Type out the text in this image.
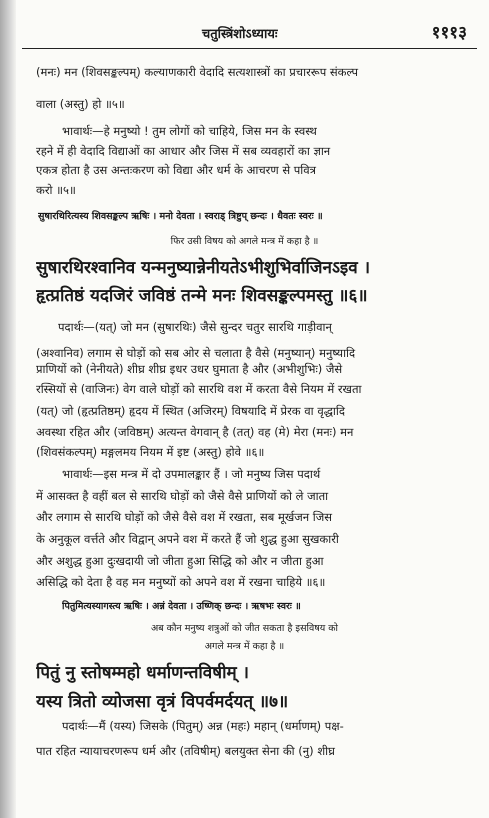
चतुस्त्रिंशोऽध्यायः	१११३
(मनः) मन (शिवसङ्कल्पम्) कल्याणकारी वेदादि सत्यशास्त्रों का प्रचाररूप संकल्प
वाला (अस्तु) हो ॥५॥
भावार्थः—हे मनुष्यो ! तुम लोगों को चाहिये, जिस मन के स्वस्थ
रहने में ही वेदादि विद्याओं का आधार और जिस में सब व्यवहारों का ज्ञान
एकत्र होता है उस अन्तःकरण को विद्या और धर्म के आचरण से पवित्र
करो ॥५॥
सुषारथिरित्यस्य शिवसङ्कल्प ऋषिः । मनो देवता । स्वराड् त्रिष्टुप् छन्दः । धैवतः स्वरः ॥
फिर उसी विषय को अगले मन्त्र में कहा है ॥
सुषारथिरश्वानिव यन्मनुष्यान्नेनीयतेऽभीशुभिर्वाजिनऽइव ।
हृत्प्रतिष्ठं यदजिरं जविष्ठं तन्मे मनः शिवसङ्कल्पमस्तु ॥६॥
पदार्थः—(यत्) जो मन (सुषारथिः) जैसे सुन्दर चतुर सारथि गाड़ीवान्
(अश्वानिव) लगाम से घोड़ों को सब ओर से चलाता है वैसे (मनुष्यान्) मनुष्यादि
प्राणियों को (नेनीयते) शीघ्र शीघ्र इधर उधर घुमाता है और (अभीशुभिः) जैसे
रस्सियों से (वाजिनः) वेग वाले घोड़ों को सारथि वश में करता वैसे नियम में रखता
(यत्) जो (हृत्प्रतिष्ठम्) हृदय में स्थित (अजिरम्) विषयादि में प्रेरक वा वृद्धादि
अवस्था रहित और (जविष्ठम्) अत्यन्त वेगवान् है (तत्) वह (मे) मेरा (मनः) मन
(शिवसंकल्पम्) मङ्गलमय नियम में इष्ट (अस्तु) होवे ॥६॥
भावार्थः—इस मन्त्र में दो उपमालङ्कार हैं । जो मनुष्य जिस पदार्थ
में आसक्त है वहीं बल से सारथि घोड़ों को जैसे वैसे प्राणियों को ले जाता
और लगाम से सारथि घोड़ों को जैसे वैसे वश में रखता, सब मूर्खजन जिस
के अनुकूल वर्त्तते और विद्वान् अपने वश में करते हैं जो शुद्ध हुआ सुखकारी
और अशुद्ध हुआ दुःखदायी जो जीता हुआ सिद्धि को और न जीता हुआ
असिद्धि को देता है वह मन मनुष्यों को अपने वश में रखना चाहिये ॥६॥
पितुमित्यस्यागस्त्य ऋषिः । अन्नं देवता । उष्णिक् छन्दः । ऋषभः स्वरः ॥
अब कौन मनुष्य शत्रुओं को जीत सकता है इसविषय को
अगले मन्त्र में कहा है ॥
पितुं नु स्तोषम्महो धर्माणन्तविषीम् ।
यस्य त्रितो व्योजसा वृत्रं विपर्वमर्दयत् ॥७॥
पदार्थः—मैं (यस्य) जिसके (पितुम्) अन्न (महः) महान् (धर्माणम्) पक्ष-
पात रहित न्यायाचरणरूप धर्म और (तविषीम्) बलयुक्त सेना की (नु) शीघ्र
